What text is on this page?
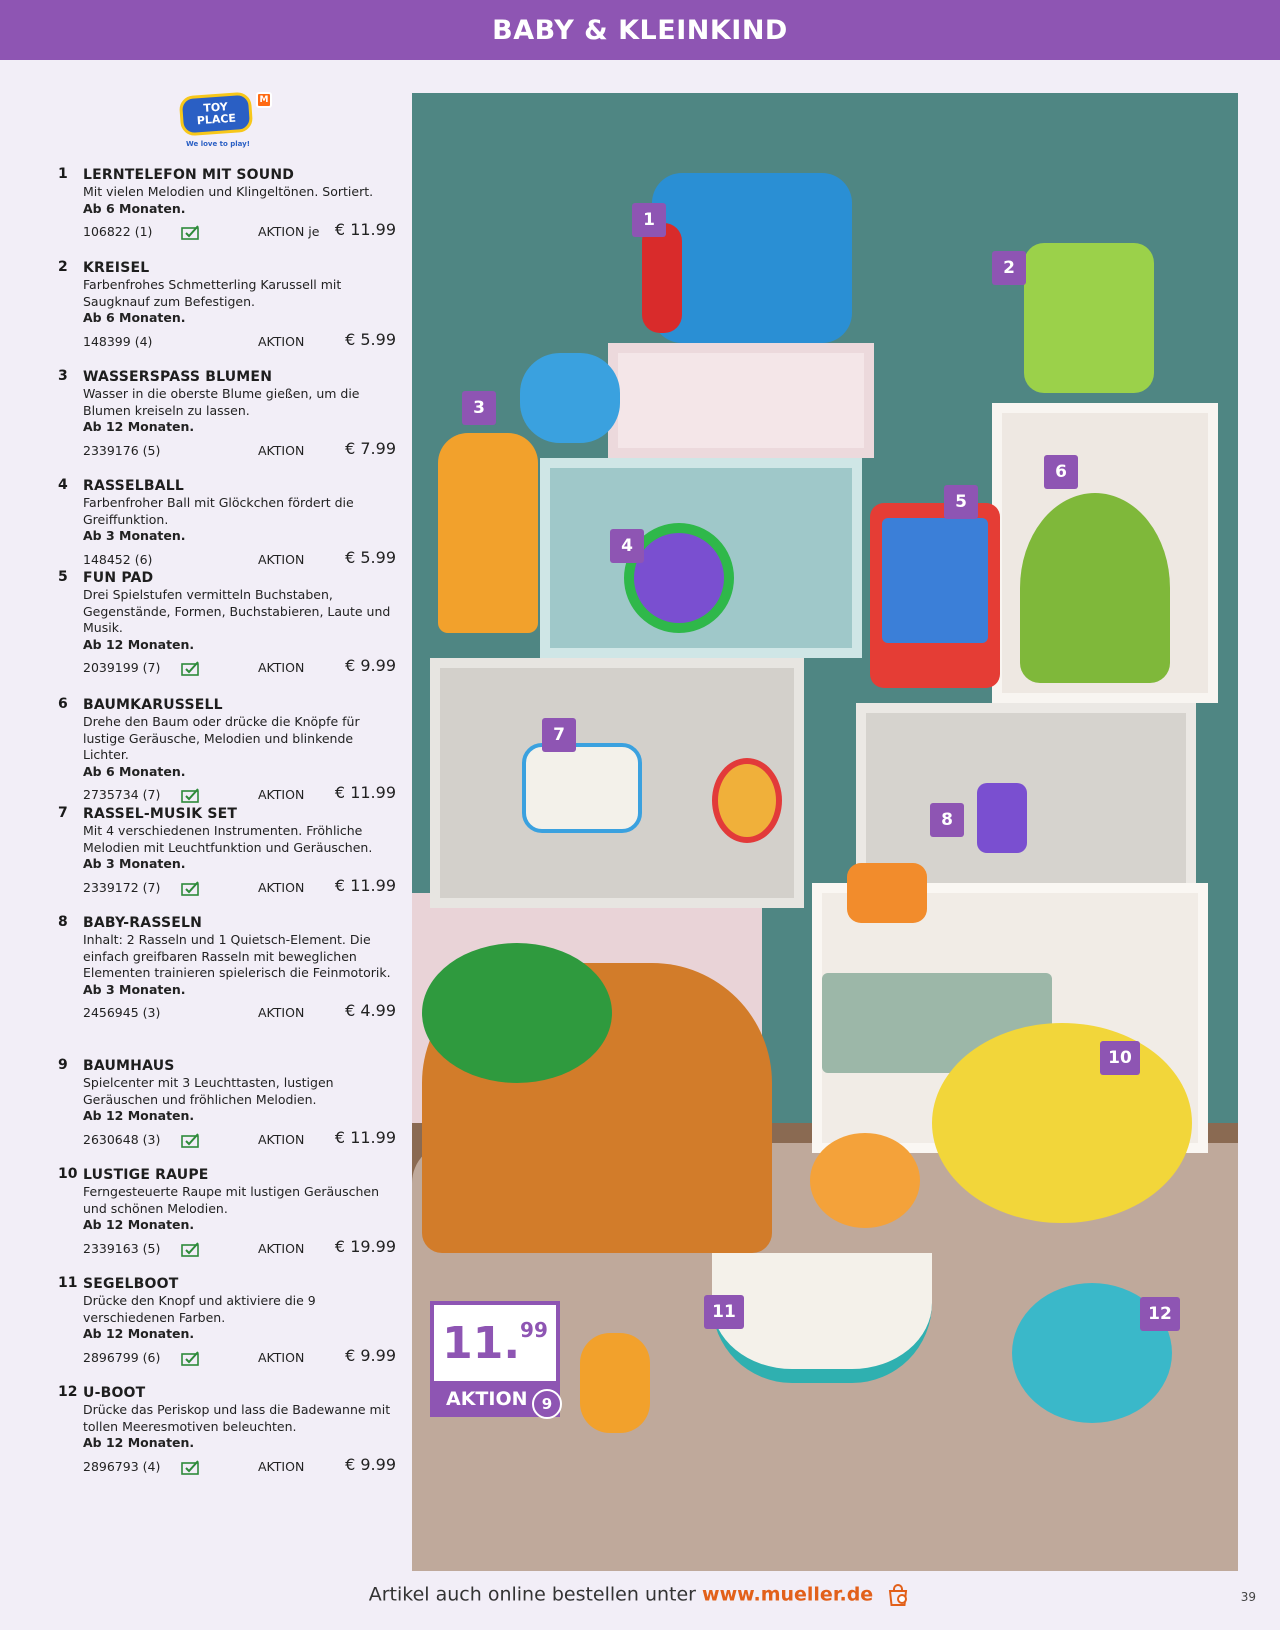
BABY & KLEINKIND
TOY
PLACE
M
We love to play!
1	LERNTELEFON MIT SOUND
Mit vielen Melodien und Klingeltönen. Sortiert.
Ab 6 Monaten.
106822 (1)	AKTION je € 11.99
2	KREISEL
Farbenfrohes Schmetterling Karussell mit Saugknauf zum Befestigen.
Ab 6 Monaten.
148399 (4)	AKTION	€ 5.99
3	WASSERSPASS BLUMEN
Wasser in die oberste Blume gießen, um die Blumen kreiseln zu lassen.
Ab 12 Monaten.
2339176 (5)	AKTION	€ 7.99
4	RASSELBALL
Farbenfroher Ball mit Glöckchen fördert die Greiffunktion.
Ab 3 Monaten.
148452 (6)	AKTION	€ 5.99
5	FUN PAD
Drei Spielstufen vermitteln Buchstaben, Gegenstände, Formen, Buchstabieren, Laute und Musik.
Ab 12 Monaten.
2039199 (7)	AKTION	€ 9.99
6	BAUMKARUSSELL
Drehe den Baum oder drücke die Knöpfe für lustige Geräusche, Melodien und blinkende Lichter.
Ab 6 Monaten.
2735734 (7)	AKTION € 11.99
7	RASSEL-MUSIK SET
Mit 4 verschiedenen Instrumenten. Fröhliche Melodien mit Leuchtfunktion und Geräuschen.
Ab 3 Monaten.
2339172 (7)	AKTION € 11.99
8	BABY-RASSELN
Inhalt: 2 Rasseln und 1 Quietsch-Element. Die einfach greifbaren Rasseln mit beweglichen Elementen trainieren spielerisch die Feinmotorik.
Ab 3 Monaten.
2456945 (3)	AKTION	€ 4.99
9	BAUMHAUS
Spielcenter mit 3 Leuchttasten, lustigen Geräuschen und fröhlichen Melodien.
Ab 12 Monaten.
2630648 (3)	AKTION € 11.99
10 LUSTIGE RAUPE
Ferngesteuerte Raupe mit lustigen Geräuschen und schönen Melodien.
Ab 12 Monaten.
2339163 (5)	AKTION € 19.99
11 SEGELBOOT
Drücke den Knopf und aktiviere die 9 verschiedenen Farben.
Ab 12 Monaten.
2896799 (6)	AKTION	€ 9.99
12 U-BOOT
Drücke das Periskop und lass die Badewanne mit tollen Meeresmotiven beleuchten.
Ab 12 Monaten.
2896793 (4)	AKTION	€ 9.99
1
2
3
4
5
6
7
8
10
11	12
11.99
AKTION 9
Artikel auch online bestellen unter www.mueller.de	39
